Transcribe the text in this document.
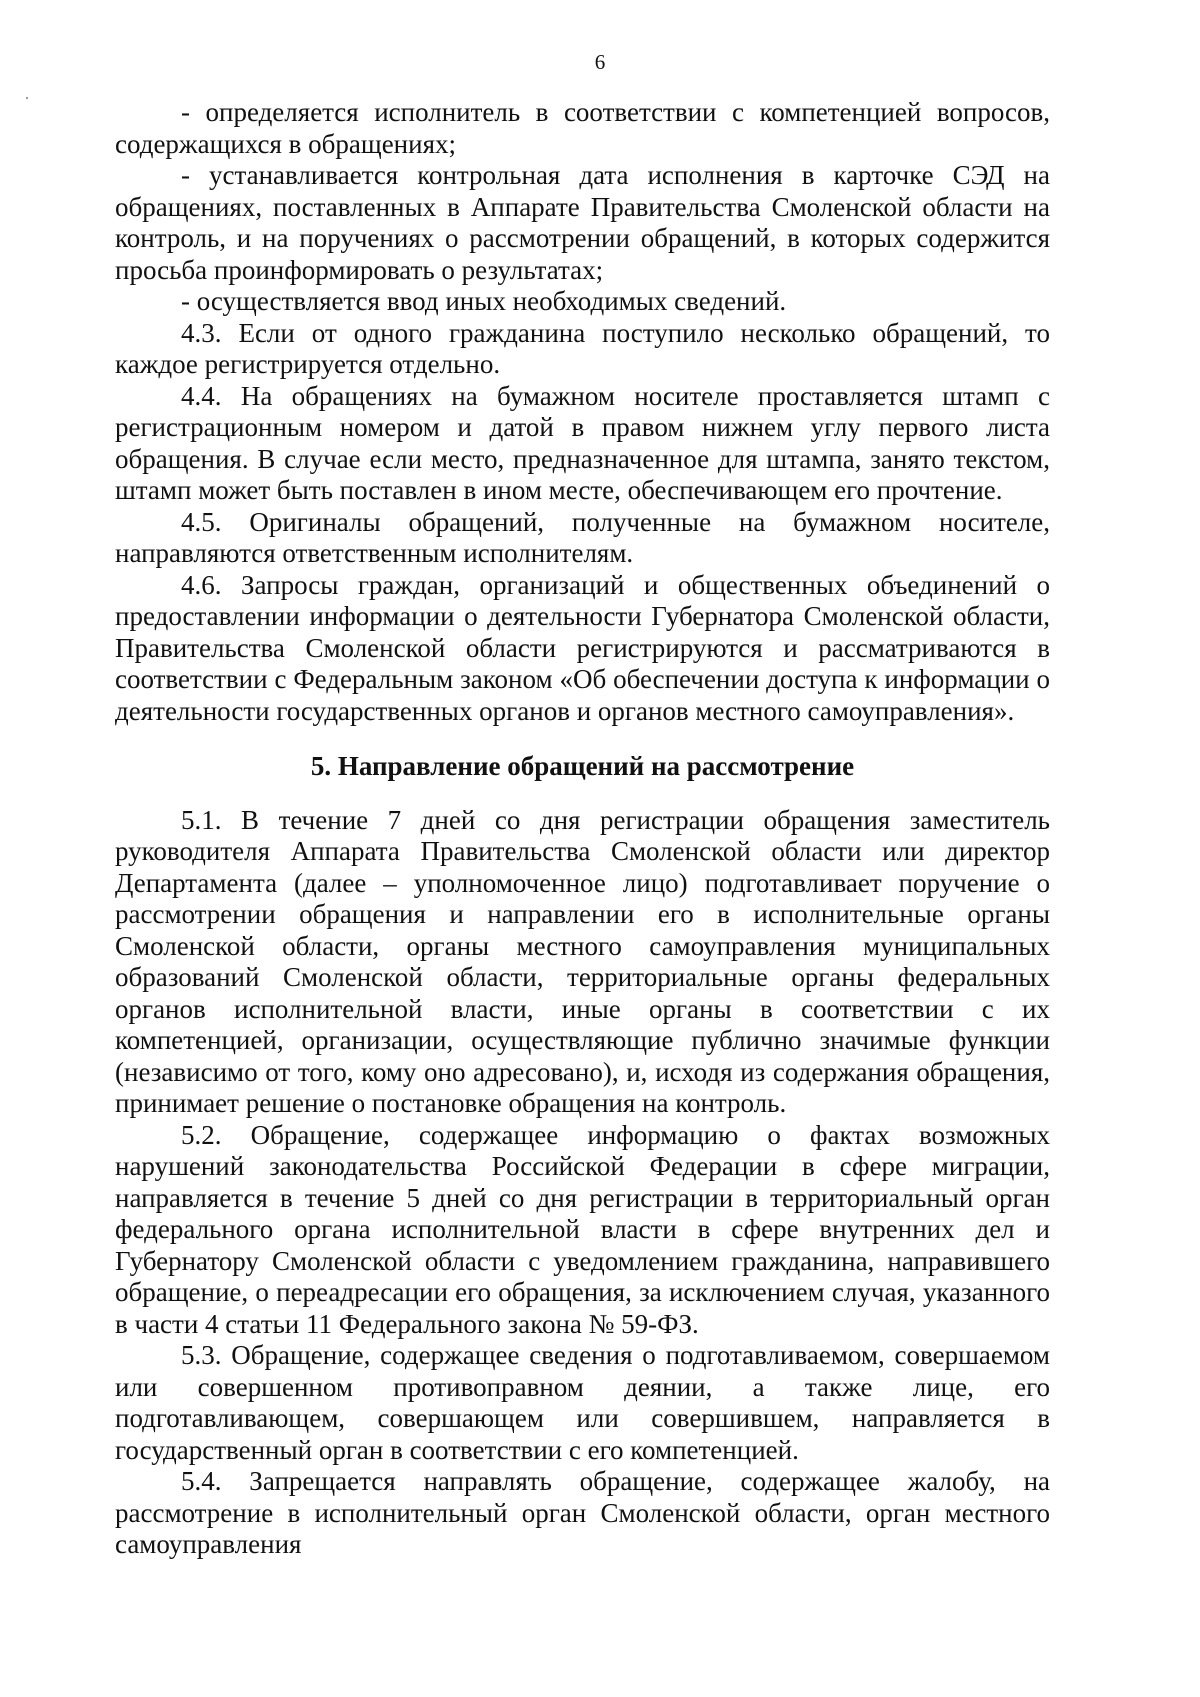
6

- определяется исполнитель в соответствии с компетенцией вопросов, содержащихся в обращениях;

- устанавливается контрольная дата исполнения в карточке СЭД на обращениях, поставленных в Аппарате Правительства Смоленской области на контроль, и на поручениях о рассмотрении обращений, в которых содержится просьба проинформировать о результатах;

- осуществляется ввод иных необходимых сведений.

4.3. Если от одного гражданина поступило несколько обращений, то каждое регистрируется отдельно.

4.4. На обращениях на бумажном носителе проставляется штамп с регистрационным номером и датой в правом нижнем углу первого листа обращения. В случае если место, предназначенное для штампа, занято текстом, штамп может быть поставлен в ином месте, обеспечивающем его прочтение.

4.5. Оригиналы обращений, полученные на бумажном носителе, направляются ответственным исполнителям.

4.6. Запросы граждан, организаций и общественных объединений о предоставлении информации о деятельности Губернатора Смоленской области, Правительства Смоленской области регистрируются и рассматриваются в соответствии с Федеральным законом «Об обеспечении доступа к информации о деятельности государственных органов и органов местного самоуправления».

5. Направление обращений на рассмотрение

5.1. В течение 7 дней со дня регистрации обращения заместитель руководителя Аппарата Правительства Смоленской области или директор Департамента (далее – уполномоченное лицо) подготавливает поручение о рассмотрении обращения и направлении его в исполнительные органы Смоленской области, органы местного самоуправления муниципальных образований Смоленской области, территориальные органы федеральных органов исполнительной власти, иные органы в соответствии с их компетенцией, организации, осуществляющие публично значимые функции (независимо от того, кому оно адресовано), и, исходя из содержания обращения, принимает решение о постановке обращения на контроль.

5.2. Обращение, содержащее информацию о фактах возможных нарушений законодательства Российской Федерации в сфере миграции, направляется в течение 5 дней со дня регистрации в территориальный орган федерального органа исполнительной власти в сфере внутренних дел и Губернатору Смоленской области с уведомлением гражданина, направившего обращение, о переадресации его обращения, за исключением случая, указанного в части 4 статьи 11 Федерального закона № 59-ФЗ.

5.3. Обращение, содержащее сведения о подготавливаемом, совершаемом или совершенном противоправном деянии, а также лице, его подготавливающем, совершающем или совершившем, направляется в государственный орган в соответствии с его компетенцией.

5.4. Запрещается направлять обращение, содержащее жалобу, на рассмотрение в исполнительный орган Смоленской области, орган местного самоуправления
